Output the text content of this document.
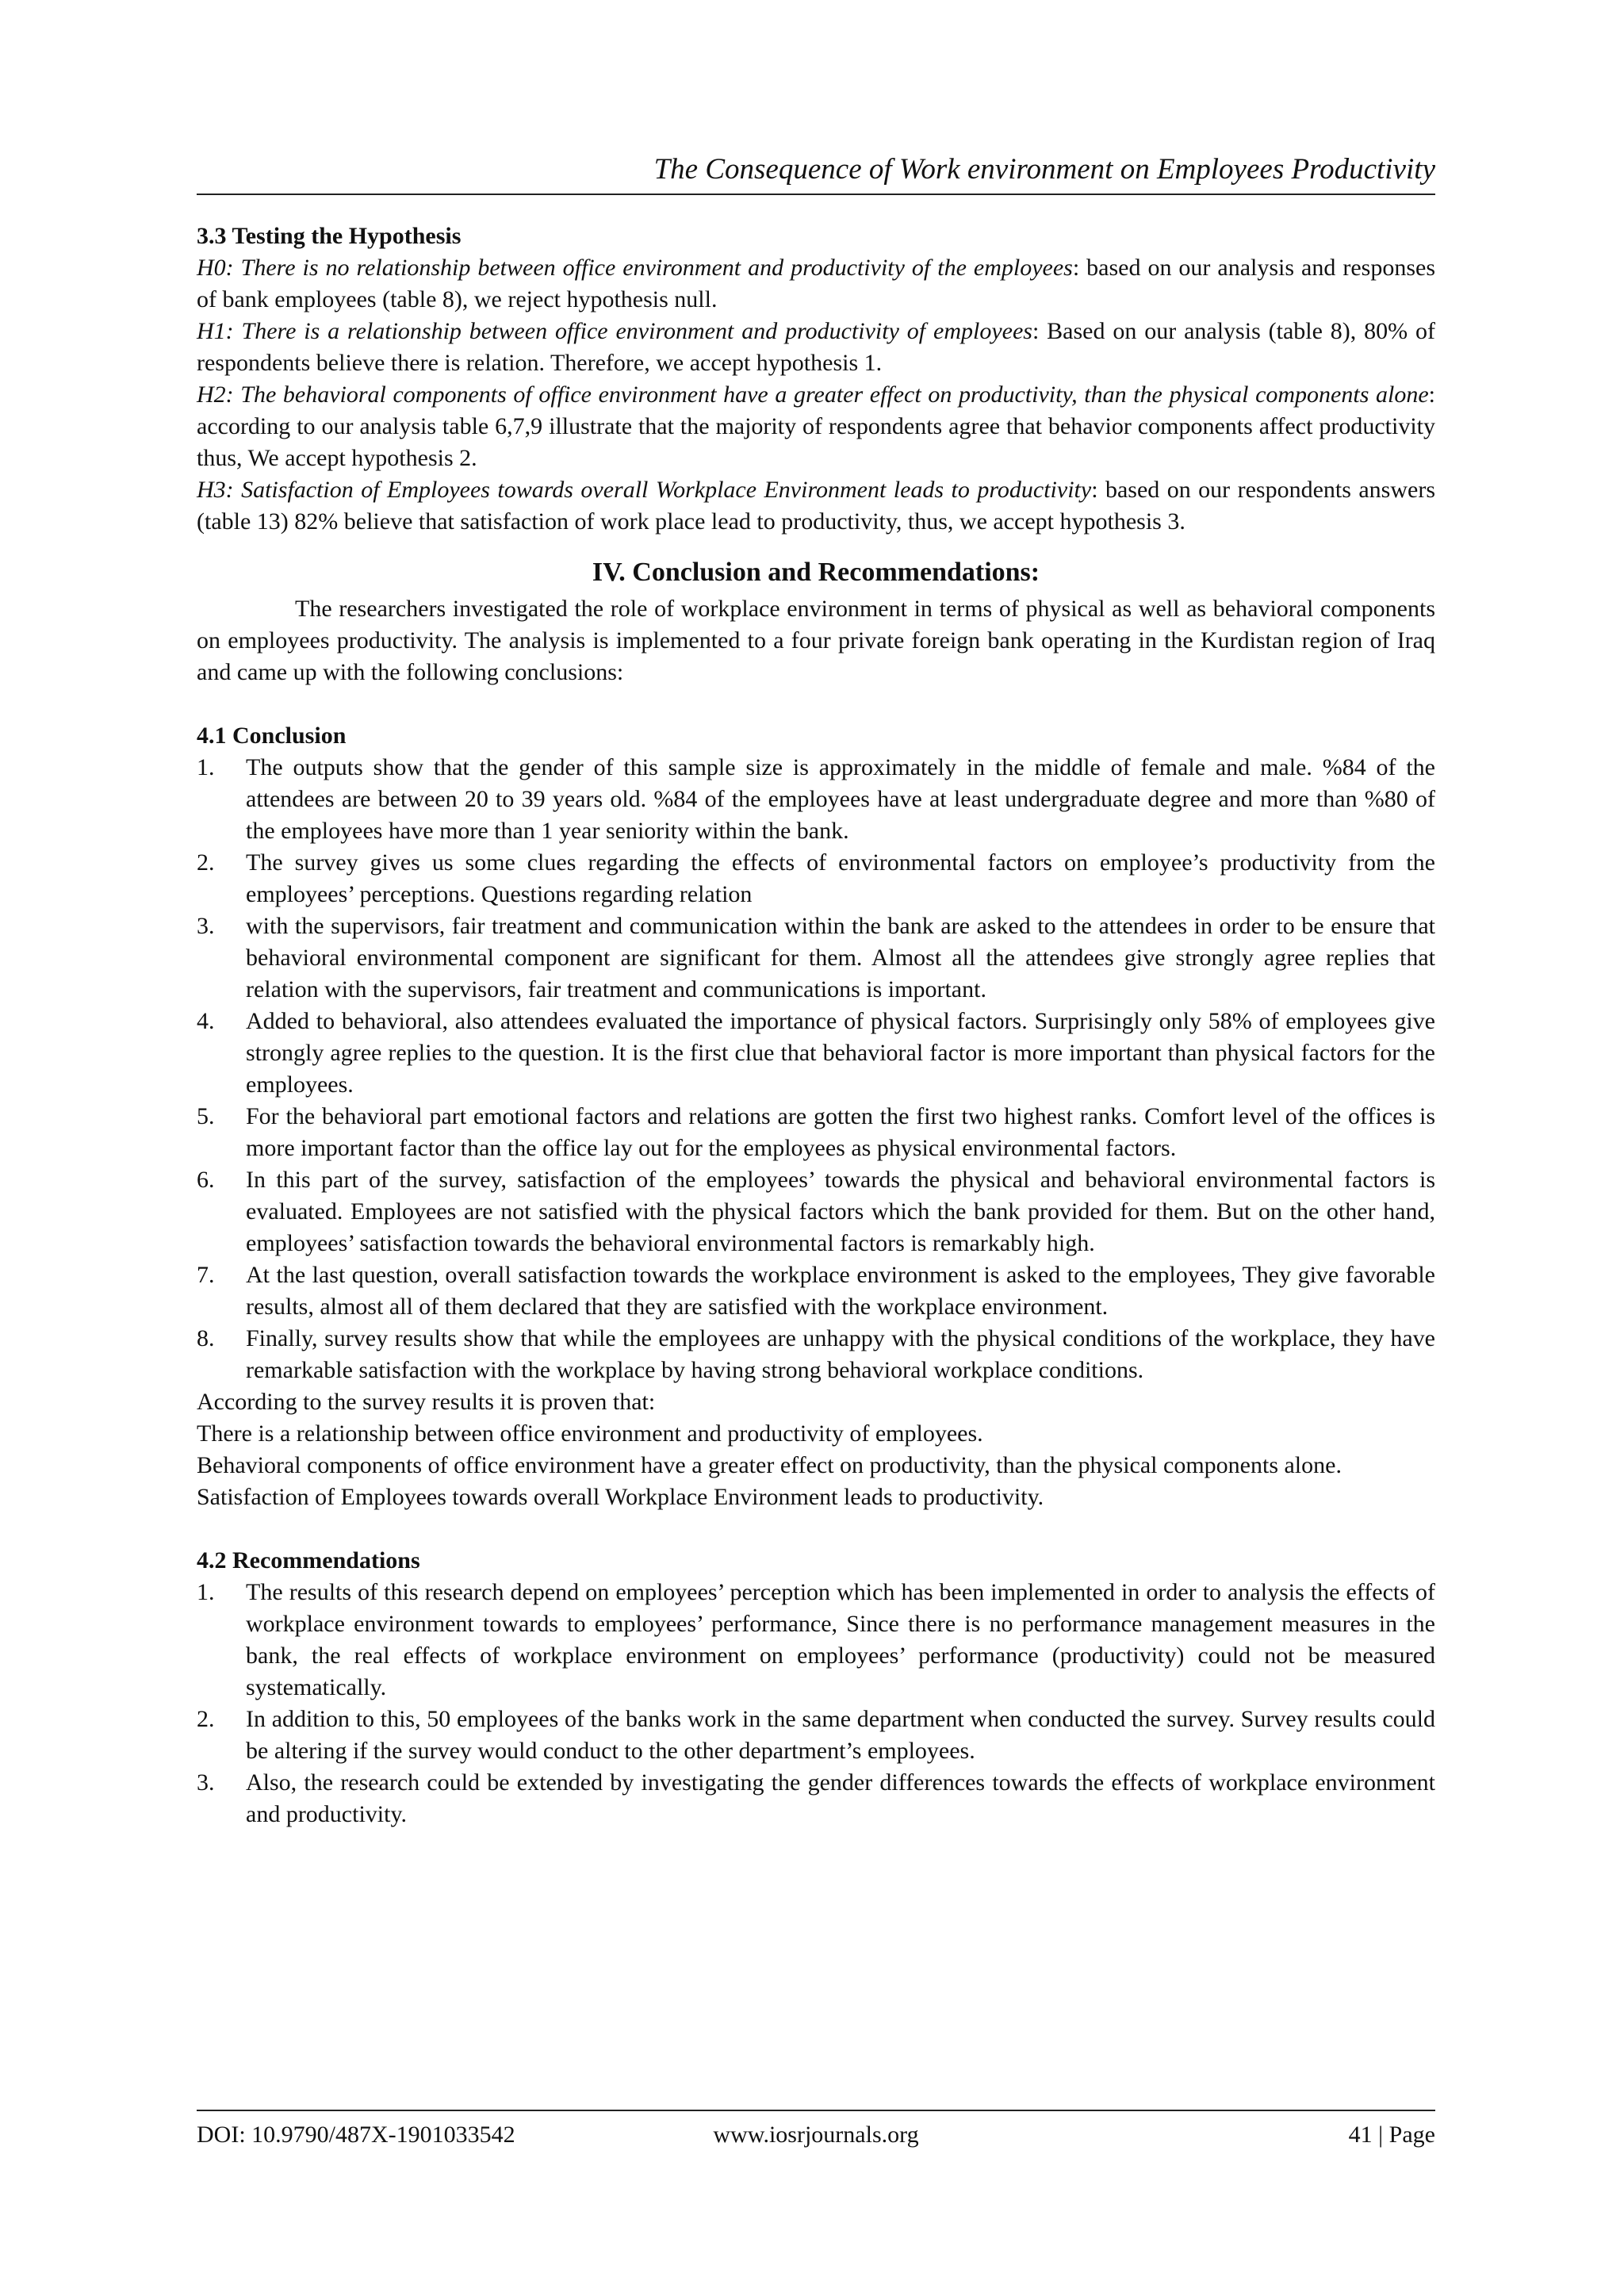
The Consequence of Work environment on Employees Productivity

3.3 Testing the Hypothesis

H0: There is no relationship between office environment and productivity of the employees: based on our analysis and responses of bank employees (table 8), we reject hypothesis null.

H1: There is a relationship between office environment and productivity of employees: Based on our analysis (table 8), 80% of respondents believe there is relation. Therefore, we accept hypothesis 1.

H2: The behavioral components of office environment have a greater effect on productivity, than the physical components alone: according to our analysis table 6,7,9 illustrate that the majority of respondents agree that behavior components affect productivity thus, We accept hypothesis 2.

H3: Satisfaction of Employees towards overall Workplace Environment leads to productivity: based on our respondents answers (table 13) 82% believe that satisfaction of work place lead to productivity, thus, we accept hypothesis 3.

IV. Conclusion and Recommendations:

The researchers investigated the role of workplace environment in terms of physical as well as behavioral components on employees productivity. The analysis is implemented to a four private foreign bank operating in the Kurdistan region of Iraq and came up with the following conclusions:

4.1 Conclusion

1. The outputs show that the gender of this sample size is approximately in the middle of female and male. %84 of the attendees are between 20 to 39 years old. %84 of the employees have at least undergraduate degree and more than %80 of the employees have more than 1 year seniority within the bank.
2. The survey gives us some clues regarding the effects of environmental factors on employee’s productivity from the employees’ perceptions. Questions regarding relation
3. with the supervisors, fair treatment and communication within the bank are asked to the attendees in order to be ensure that behavioral environmental component are significant for them. Almost all the attendees give strongly agree replies that relation with the supervisors, fair treatment and communications is important.
4. Added to behavioral, also attendees evaluated the importance of physical factors. Surprisingly only 58% of employees give strongly agree replies to the question. It is the first clue that behavioral factor is more important than physical factors for the employees.
5. For the behavioral part emotional factors and relations are gotten the first two highest ranks. Comfort level of the offices is more important factor than the office lay out for the employees as physical environmental factors.
6. In this part of the survey, satisfaction of the employees’ towards the physical and behavioral environmental factors is evaluated. Employees are not satisfied with the physical factors which the bank provided for them. But on the other hand, employees’ satisfaction towards the behavioral environmental factors is remarkably high.
7. At the last question, overall satisfaction towards the workplace environment is asked to the employees, They give favorable results, almost all of them declared that they are satisfied with the workplace environment.
8. Finally, survey results show that while the employees are unhappy with the physical conditions of the workplace, they have remarkable satisfaction with the workplace by having strong behavioral workplace conditions.

According to the survey results it is proven that:

There is a relationship between office environment and productivity of employees.

Behavioral components of office environment have a greater effect on productivity, than the physical components alone.

Satisfaction of Employees towards overall Workplace Environment leads to productivity.

4.2 Recommendations

1. The results of this research depend on employees’ perception which has been implemented in order to analysis the effects of workplace environment towards to employees’ performance, Since there is no performance management measures in the bank, the real effects of workplace environment on employees’ performance (productivity) could not be measured systematically.
2. In addition to this, 50 employees of the banks work in the same department when conducted the survey. Survey results could be altering if the survey would conduct to the other department’s employees.
3. Also, the research could be extended by investigating the gender differences towards the effects of workplace environment and productivity.
DOI: 10.9790/487X-1901033542	www.iosrjournals.org	41 | Page
